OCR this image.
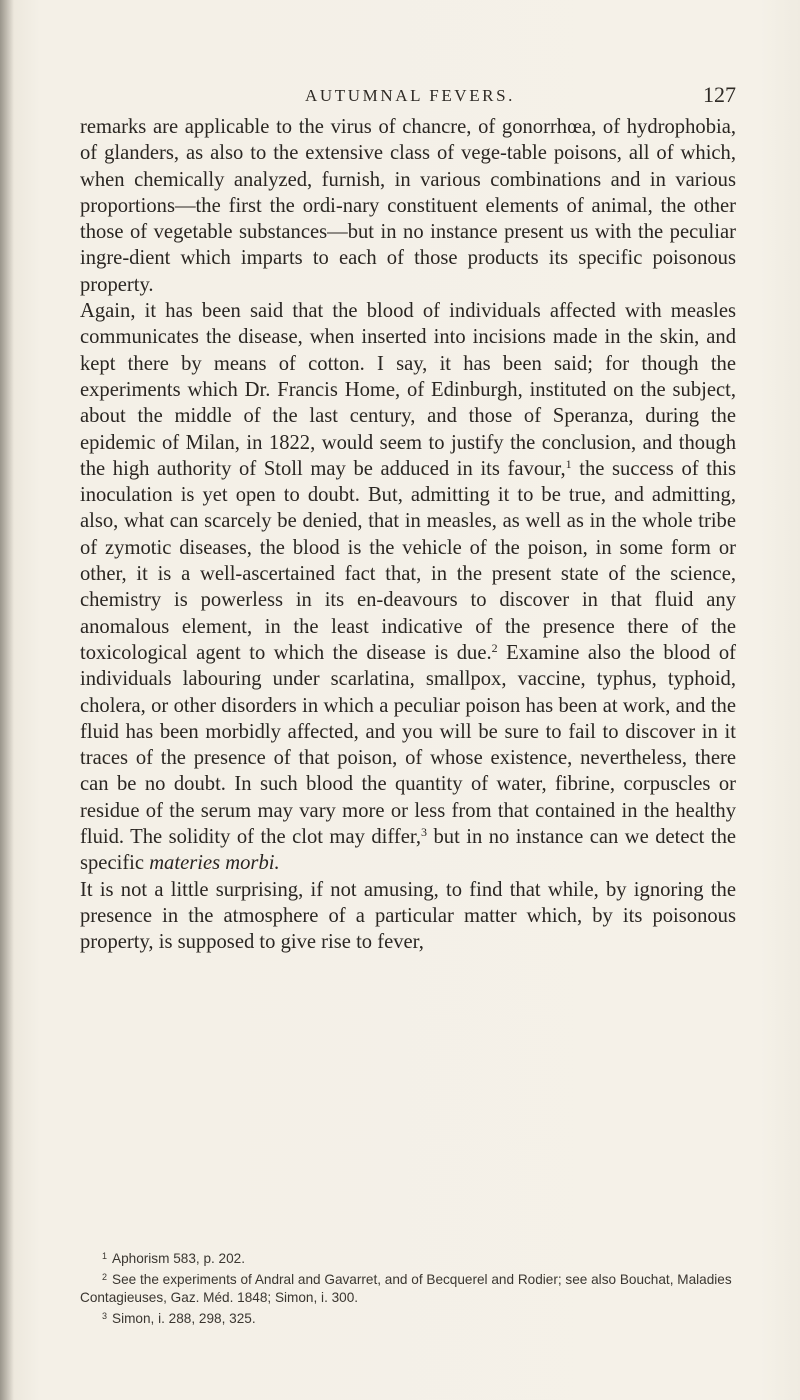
AUTUMNAL FEVERS.	127

remarks are applicable to the virus of chancre, of gonorrhœa, of hydrophobia, of glanders, as also to the extensive class of vege-table poisons, all of which, when chemically analyzed, furnish, in various combinations and in various proportions—the first the ordi-nary constituent elements of animal, the other those of vegetable substances—but in no instance present us with the peculiar ingre-dient which imparts to each of those products its specific poisonous property.

Again, it has been said that the blood of individuals affected with measles communicates the disease, when inserted into incisions made in the skin, and kept there by means of cotton. I say, it has been said; for though the experiments which Dr. Francis Home, of Edinburgh, instituted on the subject, about the middle of the last century, and those of Speranza, during the epidemic of Milan, in 1822, would seem to justify the conclusion, and though the high authority of Stoll may be adduced in its favour,$^1$ the success of this inoculation is yet open to doubt. But, admitting it to be true, and admitting, also, what can scarcely be denied, that in measles, as well as in the whole tribe of zymotic diseases, the blood is the vehicle of the poison, in some form or other, it is a well-ascertained fact that, in the present state of the science, chemistry is powerless in its en-deavours to discover in that fluid any anomalous element, in the least indicative of the presence there of the toxicological agent to which the disease is due.$^2$ Examine also the blood of individuals labouring under scarlatina, smallpox, vaccine, typhus, typhoid, cholera, or other disorders in which a peculiar poison has been at work, and the fluid has been morbidly affected, and you will be sure to fail to discover in it traces of the presence of that poison, of whose existence, nevertheless, there can be no doubt. In such blood the quantity of water, fibrine, corpuscles or residue of the serum may vary more or less from that contained in the healthy fluid. The solidity of the clot may differ,$^3$ but in no instance can we detect the specific materies morbi.

It is not a little surprising, if not amusing, to find that while, by ignoring the presence in the atmosphere of a particular matter which, by its poisonous property, is supposed to give rise to fever,

$^1$ Aphorism 583, p. 202.

$^2$ See the experiments of Andral and Gavarret, and of Becquerel and Rodier; see also Bouchat, Maladies Contagieuses, Gaz. Méd. 1848; Simon, i. 300.

$^3$ Simon, i. 288, 298, 325.
